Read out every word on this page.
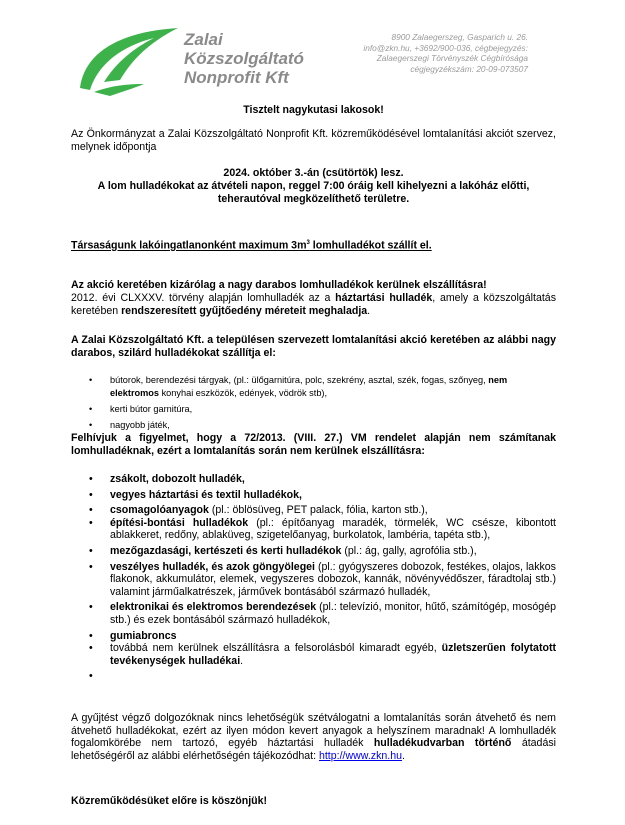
Zalai
Közszolgáltató
Nonprofit Kft
8900 Zalaegerszeg, Gasparich u. 26.
info@zkn.hu, +3692/900-036, cégbejegyzés:
Zalaegerszegi Törvényszék Cégbírósága
cégjegyzékszám: 20-09-073507
Tisztelt nagykutasi lakosok!
Az Önkormányzat a Zalai Közszolgáltató Nonprofit Kft. közreműködésével lomtalanítási akciót szervez, melynek időpontja
2024. október 3.-án (csütörtök) lesz.
A lom hulladékokat az átvételi napon, reggel 7:00 óráig kell kihelyezni a lakóház előtti, teherautóval megközelíthető területre.
Társaságunk lakóingatlanonként maximum $3m^3$ lomhulladékot szállít el.
Az akció keretében kizárólag a nagy darabos lomhulladékok kerülnek elszállításra!
2012. évi CLXXXV. törvény alapján lomhulladék az a háztartási hulladék, amely a közszolgáltatás keretében rendszeresített gyűjtőedény méreteit meghaladja.
A Zalai Közszolgáltató Kft. a településen szervezett lomtalanítási akció keretében az alábbi nagy darabos, szilárd hulladékokat szállítja el:
• bútorok, berendezési tárgyak, (pl.: ülőgarnitúra, polc, szekrény, asztal, szék, fogas, szőnyeg, nem elektromos konyhai eszközök, edények, vödrök stb),
• kerti bútor garnitúra,
• nagyobb játék,
Felhívjuk a figyelmet, hogy a 72/2013. (VIII. 27.) VM rendelet alapján nem számítanak lomhulladéknak, ezért a lomtalanítás során nem kerülnek elszállításra:
• zsákolt, dobozolt hulladék,
• vegyes háztartási és textil hulladékok,
• csomagolóanyagok (pl.: öblösüveg, PET palack, fólia, karton stb.),
• építési-bontási hulladékok (pl.: építőanyag maradék, törmelék, WC csésze, kibontott ablakkeret, redőny, ablaküveg, szigetelőanyag, burkolatok, lambéria, tapéta stb.),
• mezőgazdasági, kertészeti és kerti hulladékok (pl.: ág, gally, agrofólia stb.),
• veszélyes hulladék, és azok göngyölegei (pl.: gyógyszeres dobozok, festékes, olajos, lakkos flakonok, akkumulátor, elemek, vegyszeres dobozok, kannák, növényvédőszer, fáradtolaj stb.) valamint járműalkatrészek, járművek bontásából származó hulladék,
• elektronikai és elektromos berendezések (pl.: televízió, monitor, hűtő, számítógép, mosógép stb.) és ezek bontásából származó hulladékok,
• gumiabroncs
• továbbá nem kerülnek elszállításra a felsorolásból kimaradt egyéb, üzletszerűen folytatott tevékenységek hulladékai.
•
A gyűjtést végző dolgozóknak nincs lehetőségük szétválogatni a lomtalanítás során átvehető és nem átvehető hulladékokat, ezért az ilyen módon kevert anyagok a helyszínem maradnak! A lomhulladék fogalomkörébe nem tartozó, egyéb háztartási hulladék hulladékudvarban történő átadási lehetőségéről az alábbi elérhetőségén tájékozódhat: http://www.zkn.hu.
Közreműködésüket előre is köszönjük!
